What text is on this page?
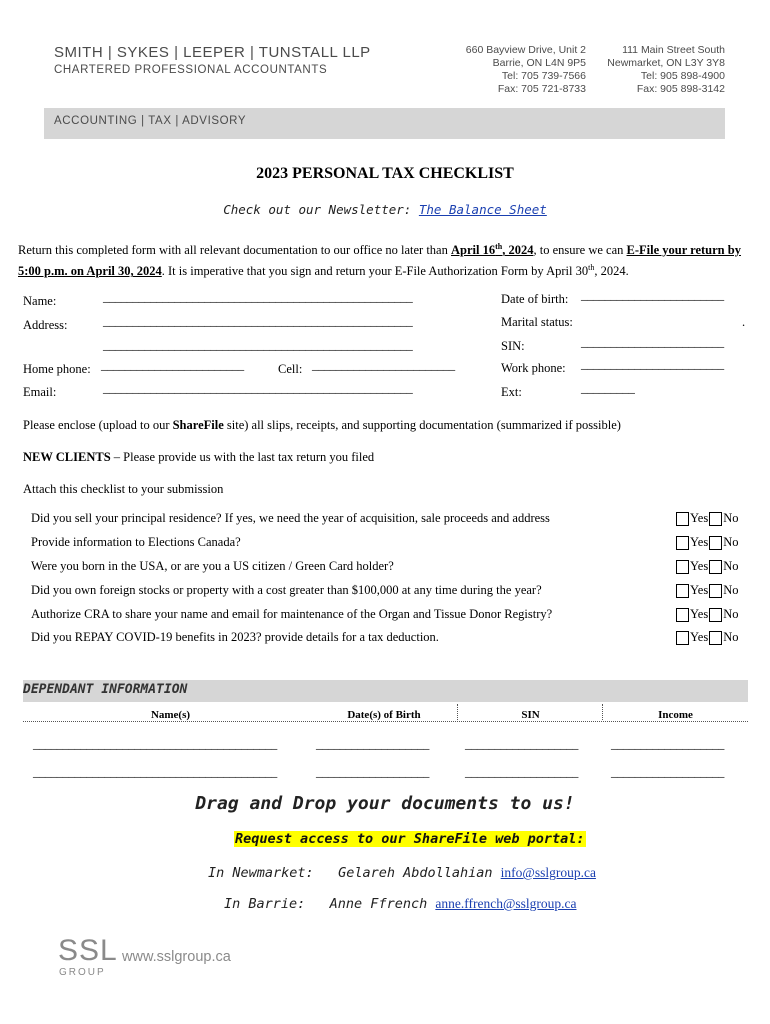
SMITH | SYKES | LEEPER | TUNSTALL LLP
CHARTERED PROFESSIONAL ACCOUNTANTS
660 Bayview Drive, Unit 2
Barrie, ON L4N 9P5
Tel: 705 739-7566
Fax: 705 721-8733
111 Main Street South
Newmarket, ON L3Y 3Y8
Tel: 905 898-4900
Fax: 905 898-3142
ACCOUNTING | TAX | ADVISORY
2023 PERSONAL TAX CHECKLIST
Check out our Newsletter: The Balance Sheet
Return this completed form with all relevant documentation to our office no later than April 16th, 2024, to ensure we can E-File your return by 5:00 p.m. on April 30, 2024. It is imperative that you sign and return your E-File Authorization Form by April 30th, 2024.
Name:	____________________________________________________
Address:	____________________________________________________
____________________________________________________
Home phone: ________________________	Cell: ________________________
Email:	____________________________________________________
Date of birth: ________________________
Marital status:	.
SIN:	________________________
Work phone: ________________________
Ext:	_________
Please enclose (upload to our ShareFile site) all slips, receipts, and supporting documentation (summarized if possible)
NEW CLIENTS – Please provide us with the last tax return you filed
Attach this checklist to your submission
Did you sell your principal residence? If yes, we need the year of acquisition, sale proceeds and address	Yes No
Provide information to Elections Canada?	Yes No
Were you born in the USA, or are you a US citizen / Green Card holder?	Yes No
Did you own foreign stocks or property with a cost greater than $100,000 at any time during the year?	Yes No
Authorize CRA to share your name and email for maintenance of the Organ and Tissue Donor Registry?	Yes No
Did you REPAY COVID-19 benefits in 2023? provide details for a tax deduction.	Yes No
DEPENDANT INFORMATION
Name(s)	Date(s) of Birth	SIN	Income
_________________________________________	___________________	___________________	___________________
_________________________________________	___________________	___________________	___________________
Drag and Drop your documents to us!
Request access to our ShareFile web portal:
In Newmarket: Gelareh Abdollahian info@sslgroup.ca
In Barrie: Anne Ffrench anne.ffrench@sslgroup.ca
SSL
GROUP
www.sslgroup.ca
